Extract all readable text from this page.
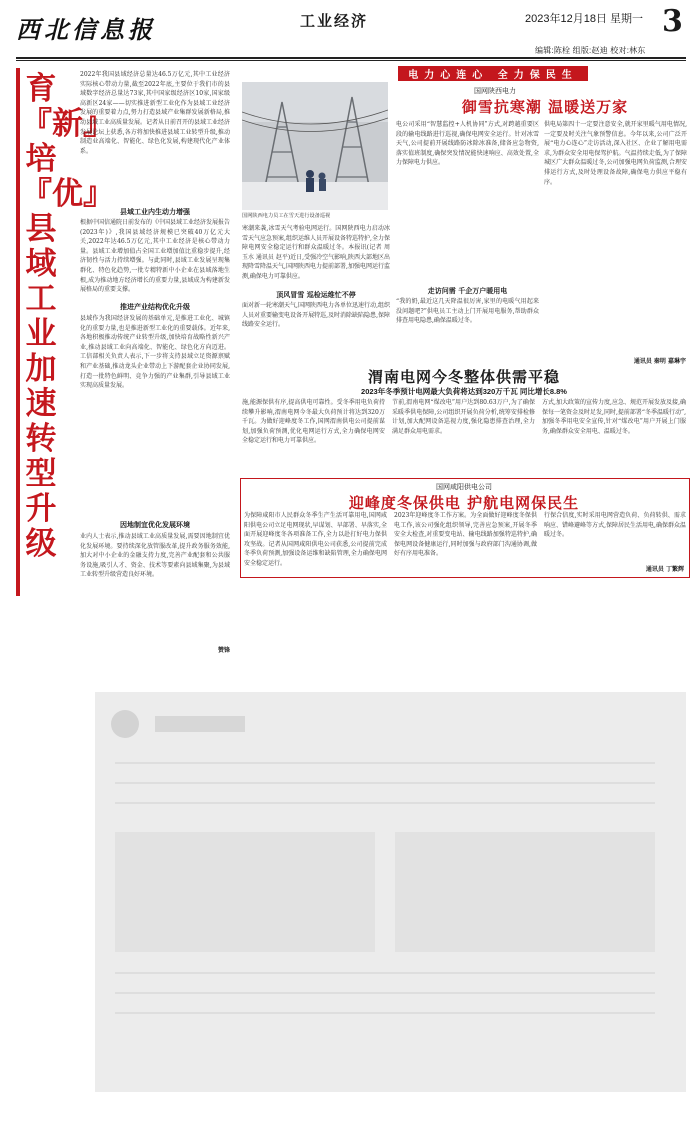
西北信息报	工业经济	2023年12月18日 星期一 3
编辑:陈栓 组版:赵迪 校对:林东
育『新』培『优』县域工业加速转型升级
2022年我国县域经济总量达46.5万亿元,其中工业经济实际核心带动力量,截至2022年底,主要位于我们市的县域数字经济总量达73家,其中国家级经济区10家,国家级高新区24家——切实推进新型工业化作为县域工业经济发展的重要着力点,努力打造县域产业集群发展新格局,推动县域工业高质量发展。记者从日前召开的县域工业经济发展论坛上获悉,各方将加快推进县域工业转型升级,推动制造业高端化、智能化、绿色化发展,构建现代化产业体系。
县域工业内生动力增强
根据中国信通院日前发布的《中国县域工业经济发展报告(2023年)》,我国县域经济规模已突破40万亿元大关,2022年达46.5万亿元,其中工业经济是核心带动力量。县域工业增加值占全国工业增加值比重稳步提升,经济韧性与活力持续增强。与此同时,县域工业发展呈现集群化、特色化趋势,一批专精特新中小企业在县域落地生根,成为推动地方经济增长的重要力量,县域成为构建新发展格局的重要支撑。
推进产业结构优化升级
县域作为我国经济发展的基础单元,是推进工业化、城镇化的重要力量,也是推进新型工业化的重要载体。近年来,各地积极推动传统产业转型升级,加快培育战略性新兴产业,推动县域工业向高端化、智能化、绿色化方向迈进。工信部相关负责人表示,下一步将支持县域立足资源禀赋和产业基础,推动龙头企业带动上下游配套企业协同发展,打造一批特色鲜明、竞争力强的产业集群,引导县域工业实现高质量发展。
因地制宜优化发展环境
业内人士表示,推动县域工业高质量发展,需要因地制宜优化发展环境。要持续深化放管服改革,提升政务服务效能,加大对中小企业的金融支持力度,完善产业配套和公共服务设施,吸引人才、资金、技术等要素向县域集聚,为县域工业转型升级营造良好环境。
赞锋
电力心连心 全力保民生
国网陕西电力
御雪抗寒潮 温暖送万家
国网陕西电力员工在雪天进行设备巡视
寒潮来袭,冰雪天气考验电网运行。国网陕西电力启动冰雪天气应急预案,组织运维人员开展设备特巡特护,全力保障电网安全稳定运行和群众温暖过冬。本报讯(记者 周玉水 通讯员 赵平)近日,受强冷空气影响,陕西大部地区出现降雪降温天气,国网陕西电力提前部署,加强电网运行监测,确保电力可靠供应。
顶风冒雪 巡检运维忙不停
面对新一轮寒潮天气,国网陕西电力各单位迅速行动,组织人员对重要输变电设备开展特巡,及时消除缺陷隐患,保障线路安全运行。
电公司采用“智慧监控+人机协同”方式,对跨越重要区段的输电线路进行巡视,确保电网安全运行。针对冰雪天气,公司提前开展线路防冰除冰准备,储备应急物资,落实值班制度,确保突发情况能快速响应、高效处置,全力保障电力供应。
走访问需 千企万户暖用电
“我的奶,最近这几天降温很厉害,家里的电暖气用起来没问题吧?”供电员工主动上门开展用电服务,帮助群众排查用电隐患,确保温暖过冬。
供电局第四十一定要注意安全,就开家里暖气用电情况,一定要及时关注气象预警信息。今年以来,公司广泛开展“电力心连心”走访活动,深入社区、企业了解用电需求,为群众安全用电保驾护航。气温持续走低,为了保障城区广大群众温暖过冬,公司加强电网负荷监测,合理安排运行方式,及时处理设备故障,确保电力供应平稳有序。
通讯员 秦明 嘉琳宇
渭南电网今冬整体供需平稳
2023年冬季预计电网最大负荷将达到320万千瓦 同比增长8.8%
施,能源保供有序,提高供电可靠性。受冬季用电负荷持续攀升影响,渭南电网今冬最大负荷预计将达到320万千瓦。为做好迎峰度冬工作,国网渭南供电公司提前谋划,加强负荷预测,优化电网运行方式,全力确保电网安全稳定运行和电力可靠供应。
节前,渭南电网“煤改电”用户达到80.63万户,为了确保采暖季供电保障,公司组织开展负荷分析,统筹安排检修计划,加大配网设备巡视力度,强化隐患排查治理,全力满足群众用电需求。
方式,加大政策的宣传力度,应急、规范开展发放及接,确保每一笔资金及时足发,同时,提前部署“冬季温暖行动”,加强冬季用电安全宣传,针对“煤改电”用户开展上门服务,确保群众安全用电、温暖过冬。
国网咸阳供电公司
迎峰度冬保供电 护航电网保民生
为保障咸阳市人民群众冬季生产生活可靠用电,国网咸阳供电公司立足电网现状,早谋划、早部署、早落实,全面开展迎峰度冬各项准备工作,全力以赴打好电力保供攻坚战。记者从国网咸阳供电公司获悉,公司提前完成冬季负荷预测,加强设备运维和缺陷管理,全力确保电网安全稳定运行。
2023年迎峰度冬工作方案。为全面做好迎峰度冬保供电工作,该公司强化组织领导,完善应急预案,开展冬季安全大检查,对重要变电站、输电线路加强特巡特护,确保电网设备健康运行,同时加强与政府部门沟通协调,做好有序用电准备。
行保合信度,实时采用电网营造负荷、负荷转供、需求响应、错峰避峰等方式,保障居民生活用电,确保群众温暖过冬。
通讯员 丁繁辉
